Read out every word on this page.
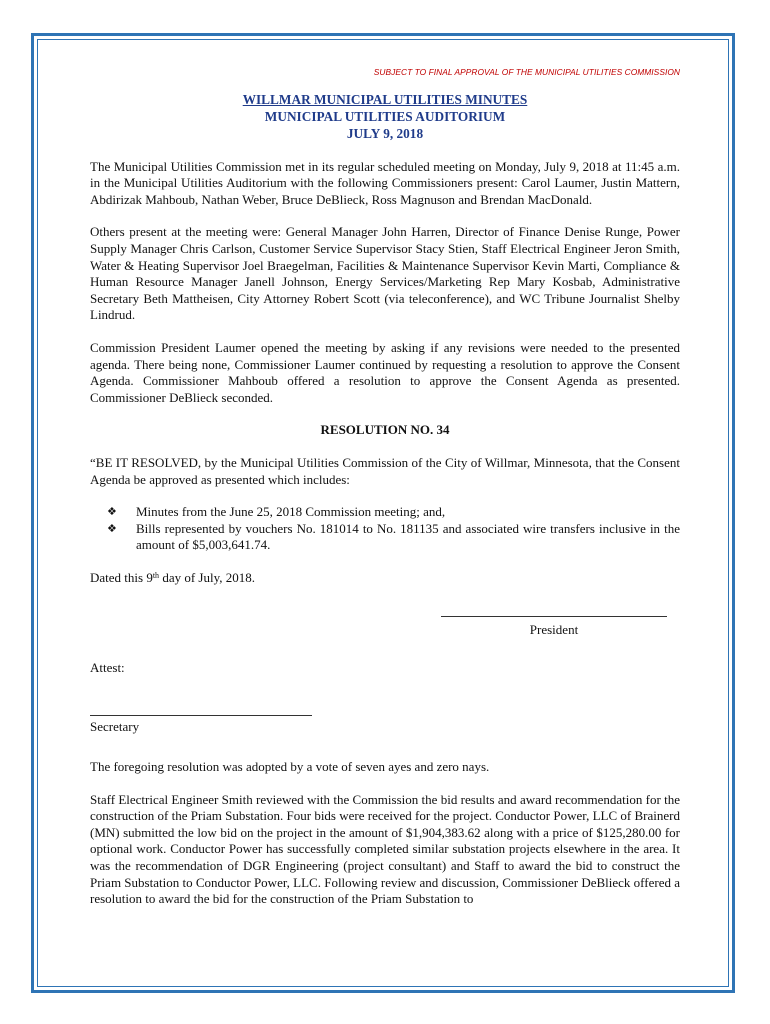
SUBJECT TO FINAL APPROVAL OF THE MUNICIPAL UTILITIES COMMISSION
WILLMAR MUNICIPAL UTILITIES MINUTES
MUNICIPAL UTILITIES AUDITORIUM
JULY 9, 2018

The Municipal Utilities Commission met in its regular scheduled meeting on Monday, July 9, 2018 at 11:45 a.m. in the Municipal Utilities Auditorium with the following Commissioners present: Carol Laumer, Justin Mattern, Abdirizak Mahboub, Nathan Weber, Bruce DeBlieck, Ross Magnuson and Brendan MacDonald.

Others present at the meeting were: General Manager John Harren, Director of Finance Denise Runge, Power Supply Manager Chris Carlson, Customer Service Supervisor Stacy Stien, Staff Electrical Engineer Jeron Smith, Water & Heating Supervisor Joel Braegelman, Facilities & Maintenance Supervisor Kevin Marti, Compliance & Human Resource Manager Janell Johnson, Energy Services/Marketing Rep Mary Kosbab, Administrative Secretary Beth Mattheisen, City Attorney Robert Scott (via teleconference), and WC Tribune Journalist Shelby Lindrud.

Commission President Laumer opened the meeting by asking if any revisions were needed to the presented agenda. There being none, Commissioner Laumer continued by requesting a resolution to approve the Consent Agenda. Commissioner Mahboub offered a resolution to approve the Consent Agenda as presented. Commissioner DeBlieck seconded.

RESOLUTION NO. 34

“BE IT RESOLVED, by the Municipal Utilities Commission of the City of Willmar, Minnesota, that the Consent Agenda be approved as presented which includes:

❖ Minutes from the June 25, 2018 Commission meeting; and,
❖ Bills represented by vouchers No. 181014 to No. 181135 and associated wire transfers inclusive in the amount of $5,003,641.74.

Dated this 9th day of July, 2018.

President
Attest:
Secretary

The foregoing resolution was adopted by a vote of seven ayes and zero nays.

Staff Electrical Engineer Smith reviewed with the Commission the bid results and award recommendation for the construction of the Priam Substation. Four bids were received for the project. Conductor Power, LLC of Brainerd (MN) submitted the low bid on the project in the amount of $1,904,383.62 along with a price of $125,280.00 for optional work. Conductor Power has successfully completed similar substation projects elsewhere in the area. It was the recommendation of DGR Engineering (project consultant) and Staff to award the bid to construct the Priam Substation to Conductor Power, LLC. Following review and discussion, Commissioner DeBlieck offered a resolution to award the bid for the construction of the Priam Substation to
